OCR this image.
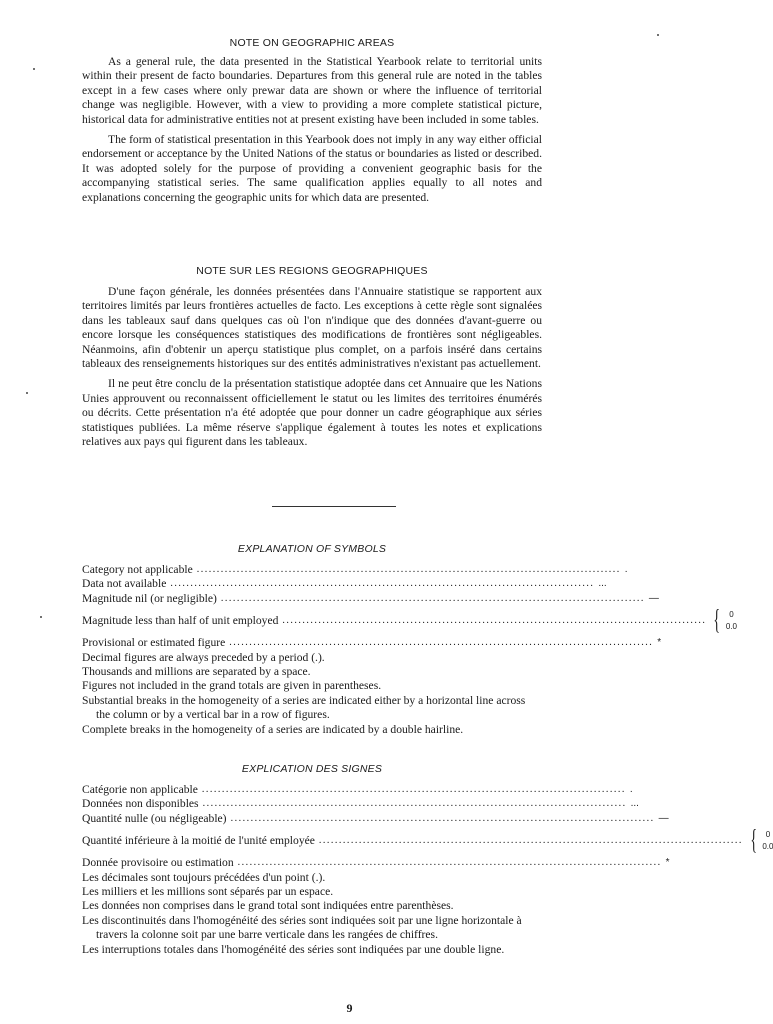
NOTE ON GEOGRAPHIC AREAS

As a general rule, the data presented in the Statistical Yearbook relate to territorial units within their present de facto boundaries. Departures from this general rule are noted in the tables except in a few cases where only prewar data are shown or where the influence of territorial change was negligible. However, with a view to providing a more complete statistical picture, historical data for administrative entities not at present existing have been included in some tables.

The form of statistical presentation in this Yearbook does not imply in any way either official endorsement or acceptance by the United Nations of the status or boundaries as listed or described. It was adopted solely for the purpose of providing a convenient geographic basis for the accompanying statistical series. The same qualification applies equally to all notes and explanations concerning the geographic units for which data are presented.

NOTE SUR LES REGIONS GEOGRAPHIQUES

D'une façon générale, les données présentées dans l'Annuaire statistique se rapportent aux territoires limités par leurs frontières actuelles de facto. Les exceptions à cette règle sont signalées dans les tableaux sauf dans quelques cas où l'on n'indique que des données d'avant-guerre ou encore lorsque les conséquences statistiques des modifications de frontières sont négligeables. Néanmoins, afin d'obtenir un aperçu statistique plus complet, on a parfois inséré dans certains tableaux des renseignements historiques sur des entités administratives n'existant pas actuellement.

Il ne peut être conclu de la présentation statistique adoptée dans cet Annuaire que les Nations Unies approuvent ou reconnaissent officiellement le statut ou les limites des territoires énumérés ou décrits. Cette présentation n'a été adoptée que pour donner un cadre géographique aux séries statistiques publiées. La même réserve s'applique également à toutes les notes et explications relatives aux pays qui figurent dans les tableaux.

EXPLANATION OF SYMBOLS
Category not applicable .......................................................................................................... .
Data not available .......................................................................................................... ...
Magnitude nil (or negligible) .......................................................................................................... —
Magnitude less than half of unit employed .......................................................................................................... { 0
0.0
Provisional or estimated figure .......................................................................................................... *

Decimal figures are always preceded by a period (.).

Thousands and millions are separated by a space.

Figures not included in the grand totals are given in parentheses.

Substantial breaks in the homogeneity of a series are indicated either by a horizontal line across the column or by a vertical bar in a row of figures.

Complete breaks in the homogeneity of a series are indicated by a double hairline.

EXPLICATION DES SIGNES
Catégorie non applicable .......................................................................................................... .
Données non disponibles .......................................................................................................... ...
Quantité nulle (ou négligeable) .......................................................................................................... —
Quantité inférieure à la moitié de l'unité employée .......................................................................................................... { 0
0.0
Donnée provisoire ou estimation .......................................................................................................... *

Les décimales sont toujours précédées d'un point (.).

Les milliers et les millions sont séparés par un espace.

Les données non comprises dans le grand total sont indiquées entre parenthèses.

Les discontinuités dans l'homogénéité des séries sont indiquées soit par une ligne horizontale à travers la colonne soit par une barre verticale dans les rangées de chiffres.

Les interruptions totales dans l'homogénéité des séries sont indiquées par une double ligne.

9
